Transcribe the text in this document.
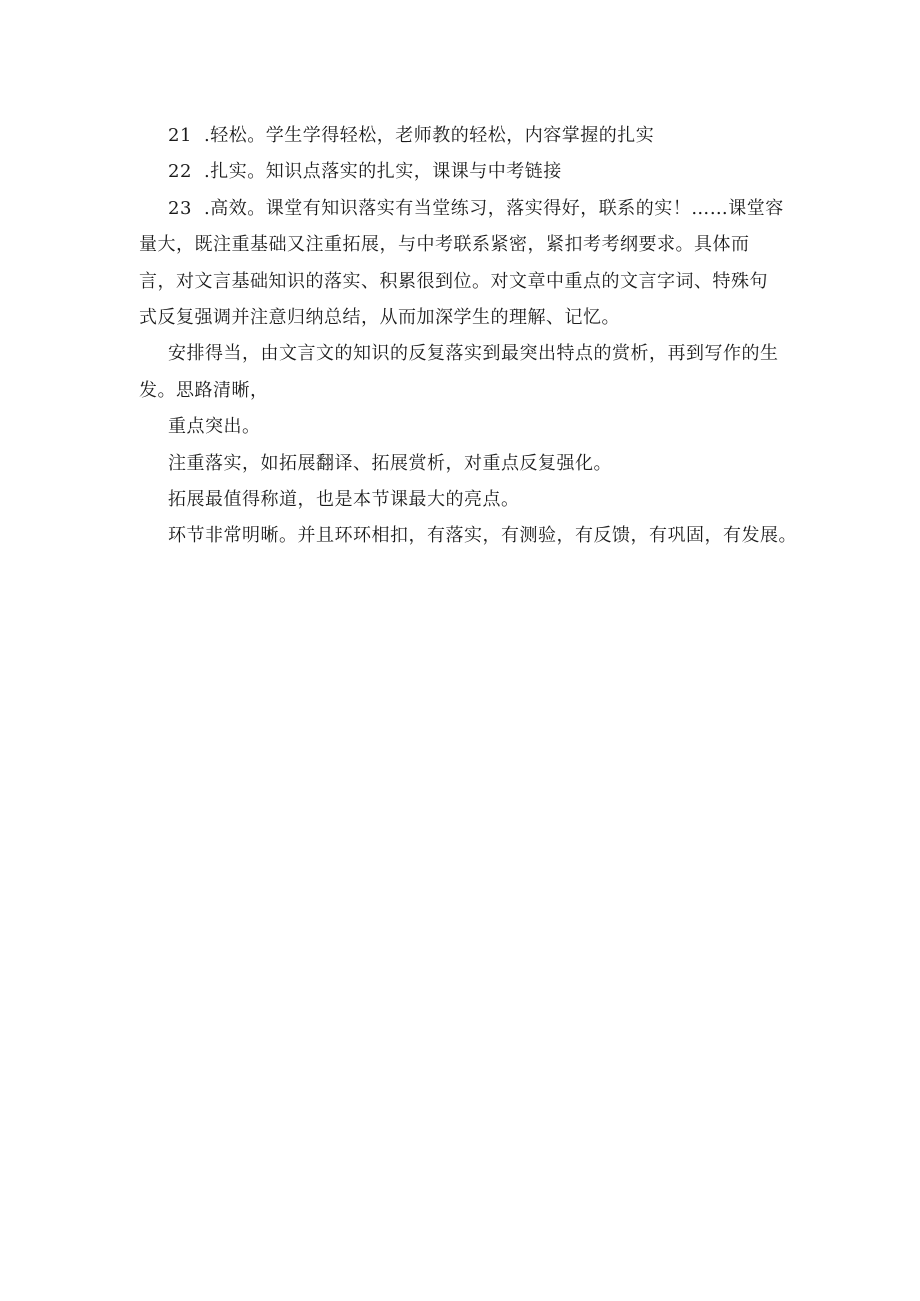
21 .轻松。学生学得轻松，老师教的轻松，内容掌握的扎实
22 .扎实。知识点落实的扎实，课课与中考链接
23 .高效。课堂有知识落实有当堂练习，落实得好，联系的实！……课堂容
量大，既注重基础又注重拓展，与中考联系紧密，紧扣考考纲要求。具体而
言，对文言基础知识的落实、积累很到位。对文章中重点的文言字词、特殊句
式反复强调并注意归纳总结，从而加深学生的理解、记忆。
安排得当，由文言文的知识的反复落实到最突出特点的赏析，再到写作的生
发。思路清晰，
重点突出。
注重落实，如拓展翻译、拓展赏析，对重点反复强化。
拓展最值得称道，也是本节课最大的亮点。
环节非常明晰。并且环环相扣，有落实，有测验，有反馈，有巩固，有发展。
